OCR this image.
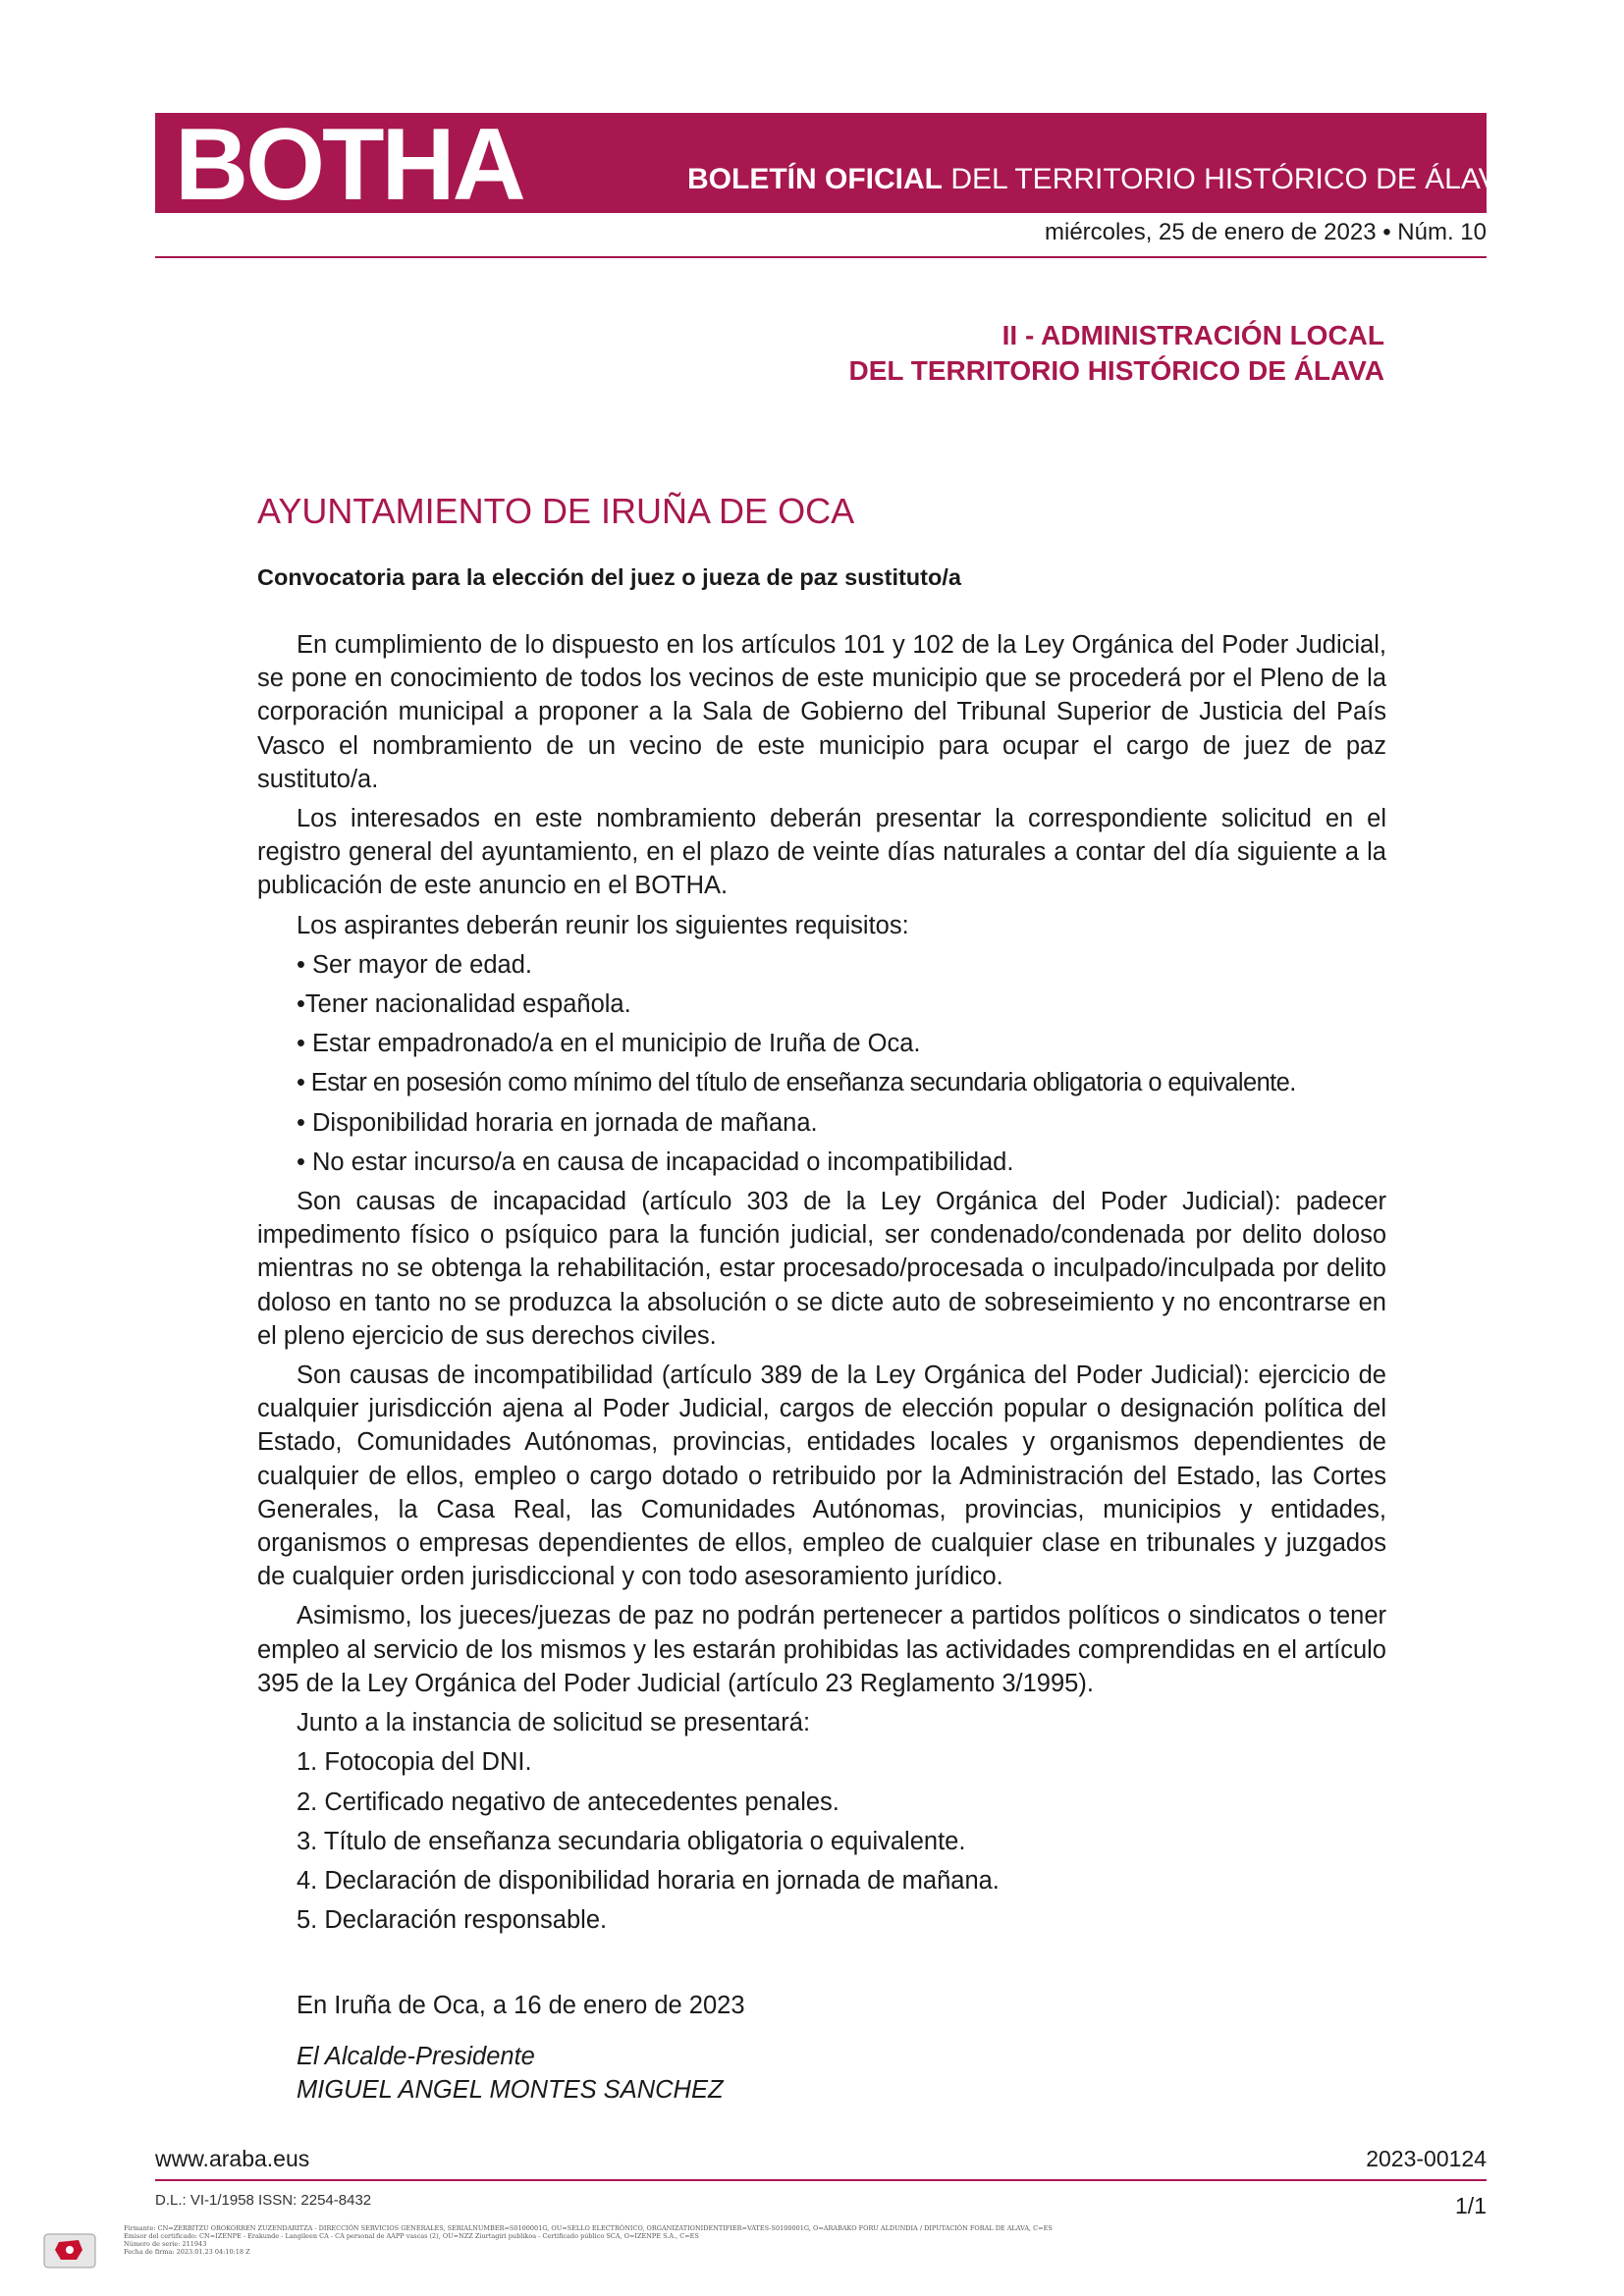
BOTHA	BOLETÍN OFICIAL DEL TERRITORIO HISTÓRICO DE ÁLAVA
miércoles, 25 de enero de 2023 • Núm. 10
II - ADMINISTRACIÓN LOCAL
DEL TERRITORIO HISTÓRICO DE ÁLAVA
AYUNTAMIENTO DE IRUÑA DE OCA
Convocatoria para la elección del juez o jueza de paz sustituto/a

En cumplimiento de lo dispuesto en los artículos 101 y 102 de la Ley Orgánica del Poder Judicial, se pone en conocimiento de todos los vecinos de este municipio que se procederá por el Pleno de la corporación municipal a proponer a la Sala de Gobierno del Tribunal Superior de Justicia del País Vasco el nombramiento de un vecino de este municipio para ocupar el cargo de juez de paz sustituto/a.

Los interesados en este nombramiento deberán presentar la correspondiente solicitud en el registro general del ayuntamiento, en el plazo de veinte días naturales a contar del día siguiente a la publicación de este anuncio en el BOTHA.

Los aspirantes deberán reunir los siguientes requisitos:

• Ser mayor de edad.

•Tener nacionalidad española.

• Estar empadronado/a en el municipio de Iruña de Oca.

• Estar en posesión como mínimo del título de enseñanza secundaria obligatoria o equivalente.

• Disponibilidad horaria en jornada de mañana.

• No estar incurso/a en causa de incapacidad o incompatibilidad.

Son causas de incapacidad (artículo 303 de la Ley Orgánica del Poder Judicial): padecer impedimento físico o psíquico para la función judicial, ser condenado/condenada por delito doloso mientras no se obtenga la rehabilitación, estar procesado/procesada o inculpado/inculpada por delito doloso en tanto no se produzca la absolución o se dicte auto de sobreseimiento y no encontrarse en el pleno ejercicio de sus derechos civiles.

Son causas de incompatibilidad (artículo 389 de la Ley Orgánica del Poder Judicial): ejercicio de cualquier jurisdicción ajena al Poder Judicial, cargos de elección popular o designación política del Estado, Comunidades Autónomas, provincias, entidades locales y organismos dependientes de cualquier de ellos, empleo o cargo dotado o retribuido por la Administración del Estado, las Cortes Generales, la Casa Real, las Comunidades Autónomas, provincias, municipios y entidades, organismos o empresas dependientes de ellos, empleo de cualquier clase en tribunales y juzgados de cualquier orden jurisdiccional y con todo asesoramiento jurídico.

Asimismo, los jueces/juezas de paz no podrán pertenecer a partidos políticos o sindicatos o tener empleo al servicio de los mismos y les estarán prohibidas las actividades comprendidas en el artículo 395 de la Ley Orgánica del Poder Judicial (artículo 23 Reglamento 3/1995).

Junto a la instancia de solicitud se presentará:

1. Fotocopia del DNI.

2. Certificado negativo de antecedentes penales.

3. Título de enseñanza secundaria obligatoria o equivalente.

4. Declaración de disponibilidad horaria en jornada de mañana.

5. Declaración responsable.

En Iruña de Oca, a 16 de enero de 2023
El Alcalde-Presidente
MIGUEL ANGEL MONTES SANCHEZ
www.araba.eus	2023-00124
D.L.: VI-1/1958 ISSN: 2254-8432	1/1
Firmante: CN=ZERBITZU OROKORREN ZUZENDARITZA - DIRECCIÓN SERVICIOS GENERALES, SERIALNUMBER=S0100001G, OU=SELLO ELECTRÓNICO, ORGANIZATIONIDENTIFIER=VATES-S0100001G, O=ARABAKO FORU ALDUNDIA / DIPUTACIÓN FORAL DE ALAVA, C=ES
Emisor del certificado: CN=IZENPE - Erakunde - Langileen CA - CA personal de AAPP vascas (2), OU=NZZ Ziurtagiri publikoa - Certificado público SCA, O=IZENPE S.A., C=ES
Número de serie: 211943
Fecha de firma: 2023.01.23 04:10:18 Z
